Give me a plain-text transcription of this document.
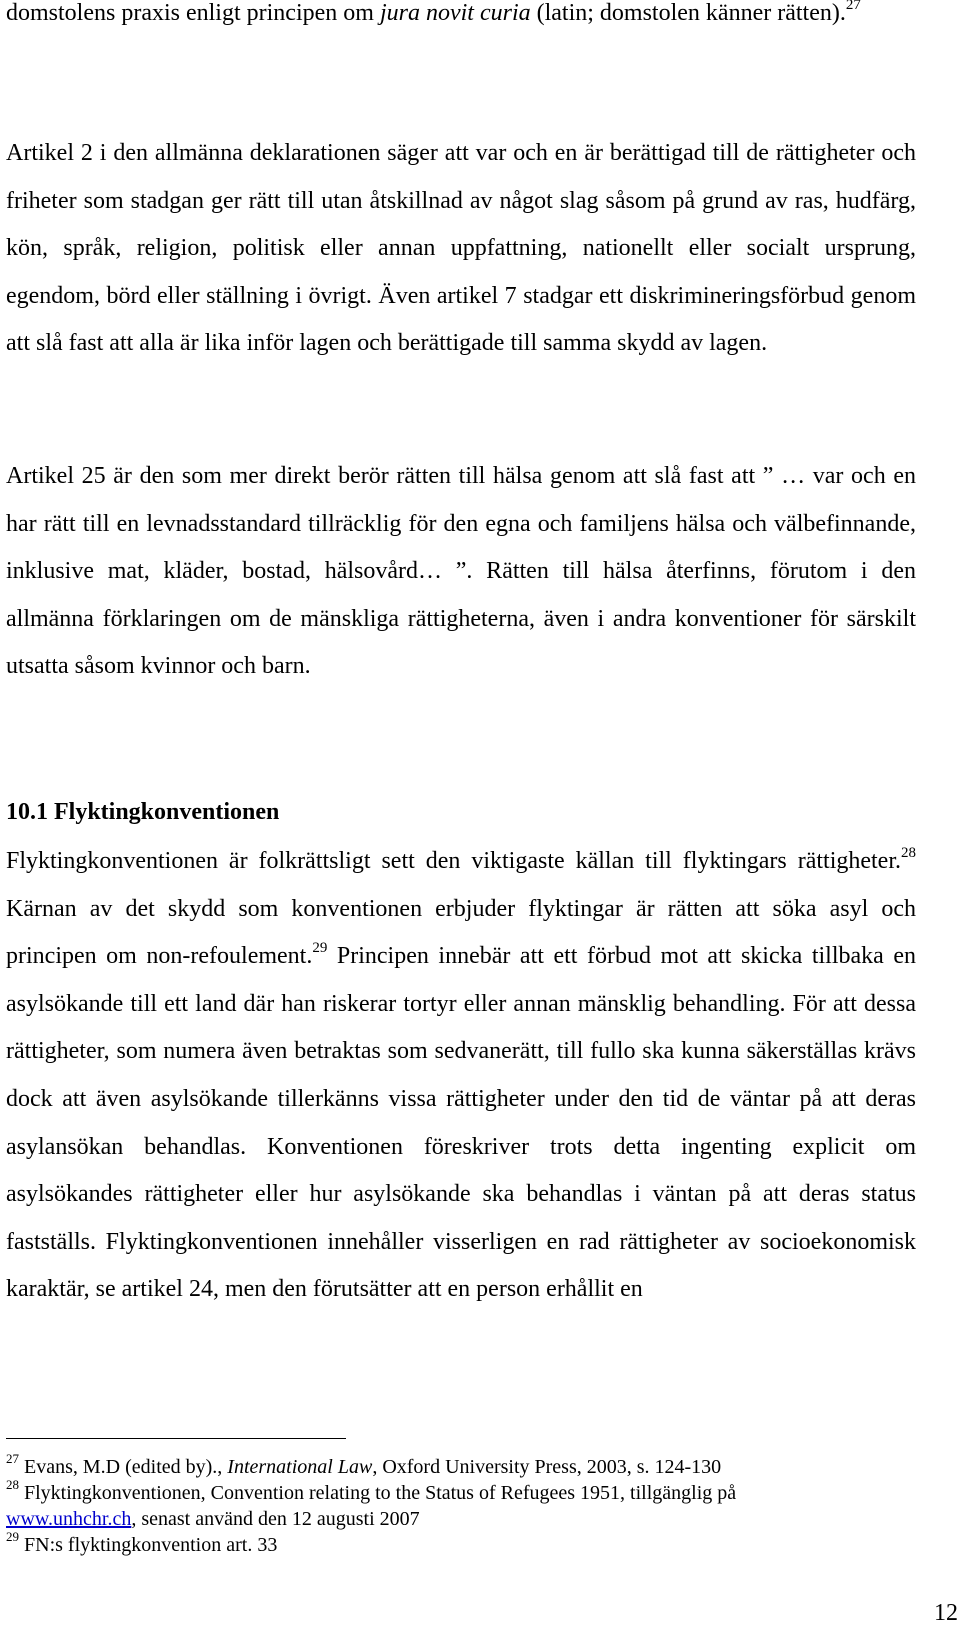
domstolens praxis enligt principen om jura novit curia (latin; domstolen känner rätten).$^{27}$

Artikel 2 i den allmänna deklarationen säger att var och en är berättigad till de rättigheter och friheter som stadgan ger rätt till utan åtskillnad av något slag såsom på grund av ras, hudfärg, kön, språk, religion, politisk eller annan uppfattning, nationellt eller socialt ursprung, egendom, börd eller ställning i övrigt. Även artikel 7 stadgar ett diskrimineringsförbud genom att slå fast att alla är lika inför lagen och berättigade till samma skydd av lagen.

Artikel 25 är den som mer direkt berör rätten till hälsa genom att slå fast att ” … var och en har rätt till en levnadsstandard tillräcklig för den egna och familjens hälsa och välbefinnande, inklusive mat, kläder, bostad, hälsovård… ”. Rätten till hälsa återfinns, förutom i den allmänna förklaringen om de mänskliga rättigheterna, även i andra konventioner för särskilt utsatta såsom kvinnor och barn.

10.1 Flyktingkonventionen

Flyktingkonventionen är folkrättsligt sett den viktigaste källan till flyktingars rättigheter.$^{28}$ Kärnan av det skydd som konventionen erbjuder flyktingar är rätten att söka asyl och principen om non-refoulement.$^{29}$ Principen innebär att ett förbud mot att skicka tillbaka en asylsökande till ett land där han riskerar tortyr eller annan mänsklig behandling. För att dessa rättigheter, som numera även betraktas som sedvanerätt, till fullo ska kunna säkerställas krävs dock att även asylsökande tillerkänns vissa rättigheter under den tid de väntar på att deras asylansökan behandlas. Konventionen föreskriver trots detta ingenting explicit om asylsökandes rättigheter eller hur asylsökande ska behandlas i väntan på att deras status fastställs. Flyktingkonventionen innehåller visserligen en rad rättigheter av socioekonomisk karaktär, se artikel 24, men den förutsätter att en person erhållit en

$^{27}$ Evans, M.D (edited by)., International Law, Oxford University Press, 2003, s. 124-130

$^{28}$ Flyktingkonventionen, Convention relating to the Status of Refugees 1951, tillgänglig på
www.unhchr.ch, senast använd den 12 augusti 2007

$^{29}$ FN:s flyktingkonvention art. 33

12
